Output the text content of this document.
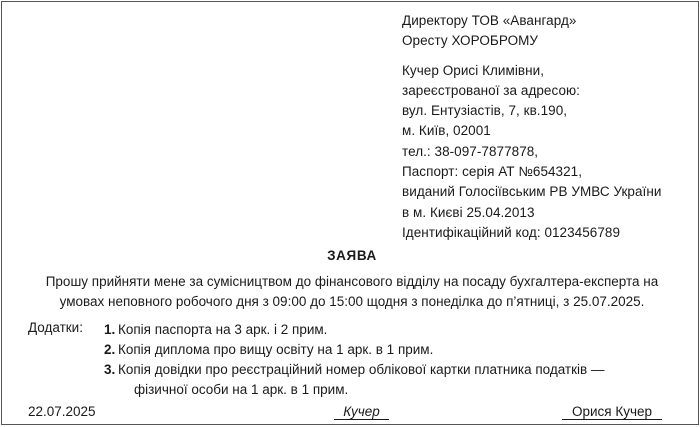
Директору ТОВ «Авангард»
Оресту ХОРОБРОМУ
Кучер Орисі Климівни,
зареєстрованої за адресою:
вул. Ентузіастів, 7, кв.190,
м. Київ, 02001
тел.: 38-097-7877878,
Паспорт: серія АТ №654321,
виданий Голосіївським РВ УМВС України
в м. Києві 25.04.2013
Ідентифікаційний код: 0123456789
ЗАЯВА
Прошу прийняти мене за сумісництвом до фінансового відділу на посаду бухгалтера-експерта на
умовах неповного робочого дня з 09:00 до 15:00 щодня з понеділка до п’ятниці, з 25.07.2025.
Додатки: 1. Копія паспорта на 3 арк. і 2 прим.
2. Копія диплома про вищу освіту на 1 арк. в 1 прим.
3. Копія довідки про реєстраційний номер облікової картки платника податків —
фізичної особи на 1 арк. в 1 прим.
22.07.2025	Кучер	Орися Кучер
